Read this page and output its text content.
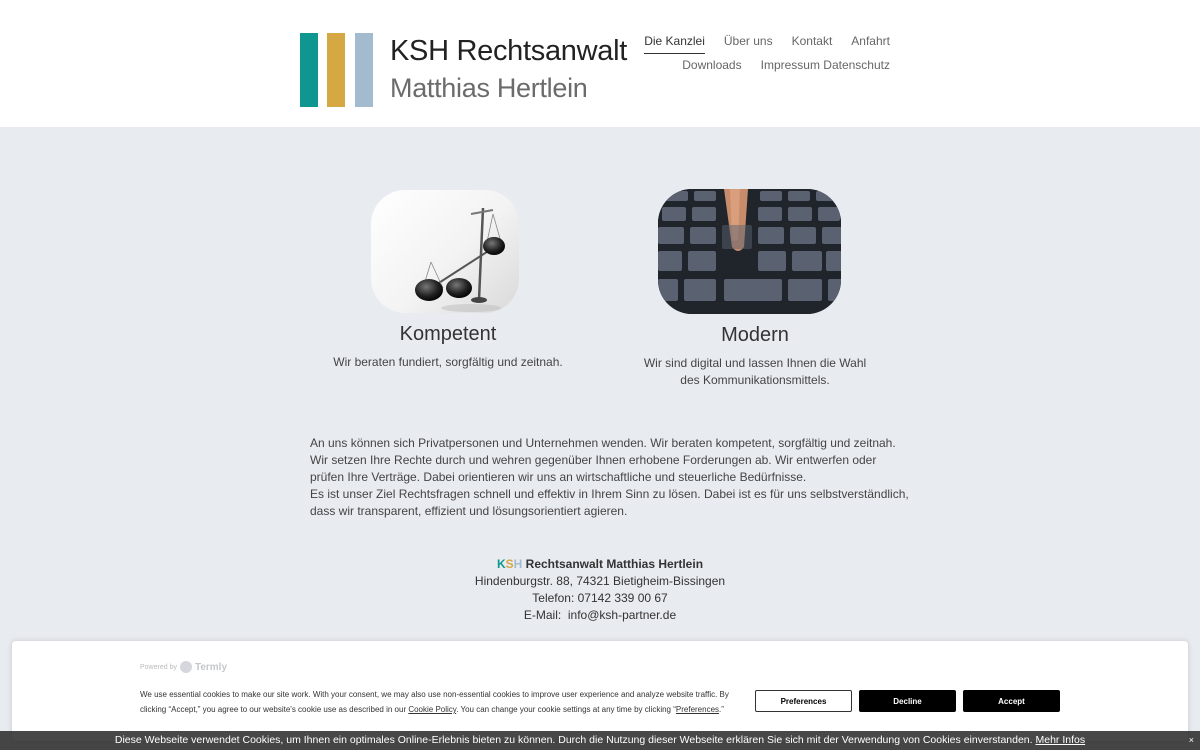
KSH Rechtsanwalt
Matthias Hertlein
Die Kanzlei Über uns Kontakt Anfahrt
Downloads Impressum Datenschutz
Kompetent

Wir beraten fundiert, sorgfältig und zeitnah.

Modern

Wir sind digital und lassen Ihnen die Wahl des Kommunikationsmittels.

An uns können sich Privatpersonen und Unternehmen wenden. Wir beraten kompetent, sorgfältig und zeitnah. Wir setzen Ihre Rechte durch und wehren gegenüber Ihnen erhobene Forderungen ab. Wir entwerfen oder prüfen Ihre Verträge. Dabei orientieren wir uns an wirtschaftliche und steuerliche Bedürfnisse.
Es ist unser Ziel Rechtsfragen schnell und effektiv in Ihrem Sinn zu lösen. Dabei ist es für uns selbstverständlich, dass wir transparent, effizient und lösungsorientiert agieren.
KSH Rechtsanwalt Matthias Hertlein
Hindenburgstr. 88, 74321 Bietigheim-Bissingen
Telefon: 07142 339 00 67
E-Mail: info@ksh-partner.de
Powered by Termly
We use essential cookies to make our site work. With your consent, we may also use non-essential cookies to improve user experience and analyze website traffic. By clicking “Accept,” you agree to our website's cookie use as described in our Cookie Policy. You can change your cookie settings at any time by clicking “Preferences.”
Preferences	Decline	Accept
Diese Webseite verwendet Cookies, um Ihnen ein optimales Online-Erlebnis bieten zu können. Durch die Nutzung dieser Webseite erklären Sie sich mit der Verwendung von Cookies einverstanden. Mehr Infos	×
